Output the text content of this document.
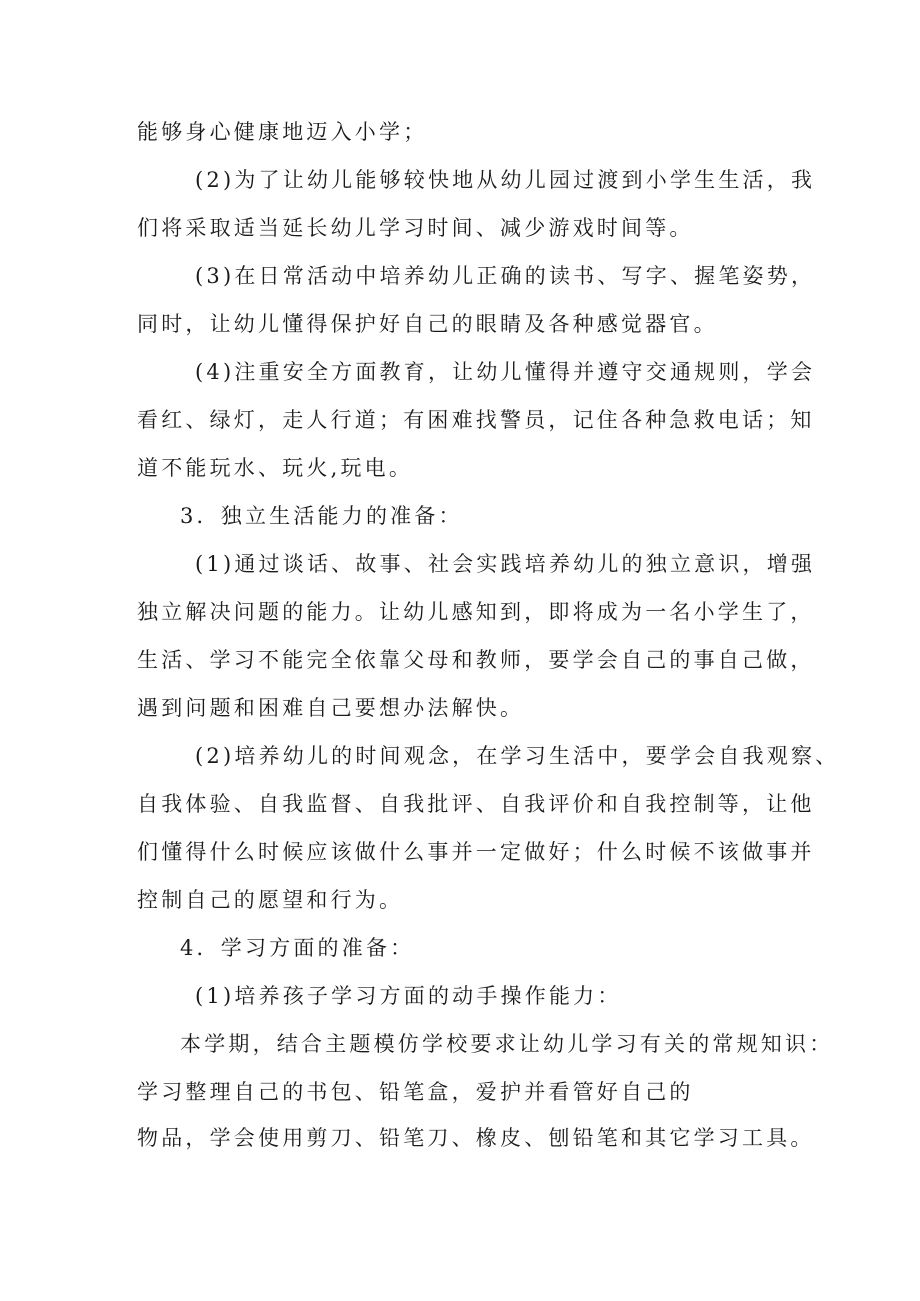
能够身心健康地迈入小学；
(2)为了让幼儿能够较快地从幼儿园过渡到小学生生活，我
们将采取适当延长幼儿学习时间、减少游戏时间等。
(3)在日常活动中培养幼儿正确的读书、写字、握笔姿势，
同时，让幼儿懂得保护好自己的眼睛及各种感觉器官。
(4)注重安全方面教育，让幼儿懂得并遵守交通规则，学会
看红、绿灯，走人行道；有困难找警员，记住各种急救电话；知
道不能玩水、玩火,玩电。
3．独立生活能力的准备：
(1)通过谈话、故事、社会实践培养幼儿的独立意识，增强
独立解决问题的能力。让幼儿感知到，即将成为一名小学生了，
生活、学习不能完全依靠父母和教师，要学会自己的事自己做，
遇到问题和困难自己要想办法解快。
(2)培养幼儿的时间观念，在学习生活中，要学会自我观察、
自我体验、自我监督、自我批评、自我评价和自我控制等，让他
们懂得什么时候应该做什么事并一定做好；什么时候不该做事并
控制自己的愿望和行为。
4．学习方面的准备：
(1)培养孩子学习方面的动手操作能力：
本学期，结合主题模仿学校要求让幼儿学习有关的常规知识：
学习整理自己的书包、铅笔盒，爱护并看管好自己的
物品，学会使用剪刀、铅笔刀、橡皮、刨铅笔和其它学习工具。
